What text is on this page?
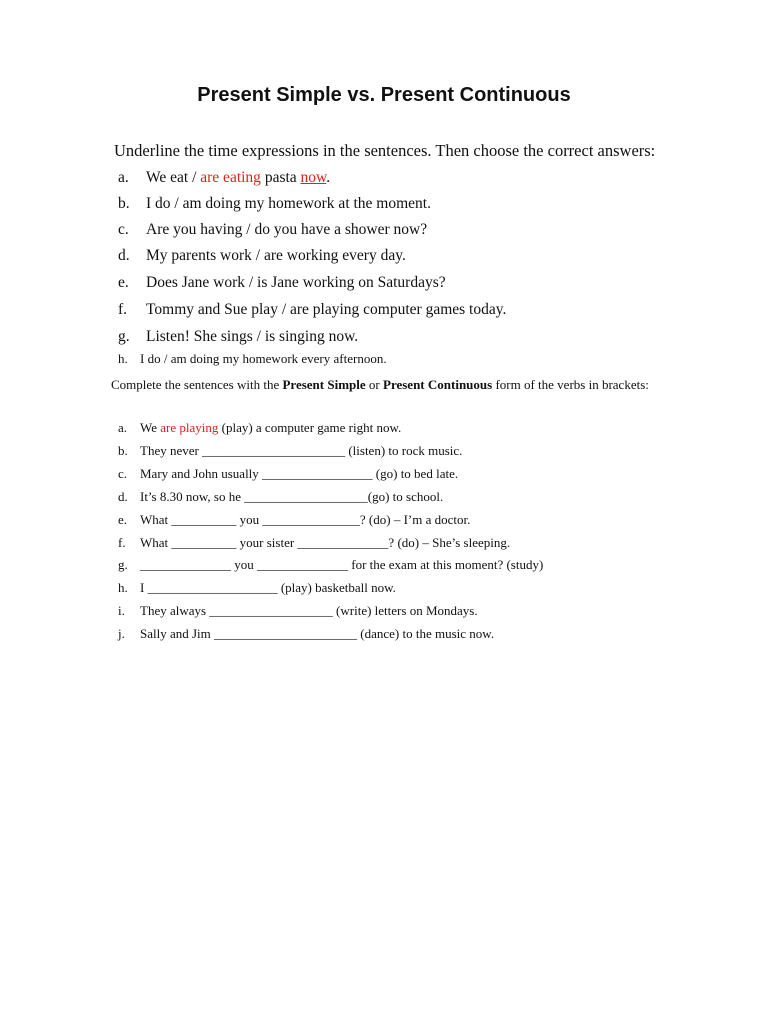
Present Simple vs. Present Continuous
Underline the time expressions in the sentences. Then choose the correct answers:
a. We eat / are eating pasta now.
b. I do / am doing my homework at the moment.
c. Are you having / do you have a shower now?
d. My parents work / are working every day.
e. Does Jane work / is Jane working on Saturdays?
f. Tommy and Sue play / are playing computer games today.
g. Listen! She sings / is singing now.
h. I do / am doing my homework every afternoon.
Complete the sentences with the Present Simple or Present Continuous form of the verbs in brackets:
a. We are playing (play) a computer game right now.
b. They never ______________________ (listen) to rock music.
c. Mary and John usually _________________ (go) to bed late.
d. It’s 8.30 now, so he ___________________(go) to school.
e. What __________ you _______________? (do) – I’m a doctor.
f. What __________ your sister ______________? (do) – She’s sleeping.
g. ______________ you ______________ for the exam at this moment? (study)
h. I ____________________ (play) basketball now.
i. They always ___________________ (write) letters on Mondays.
j. Sally and Jim ______________________ (dance) to the music now.
